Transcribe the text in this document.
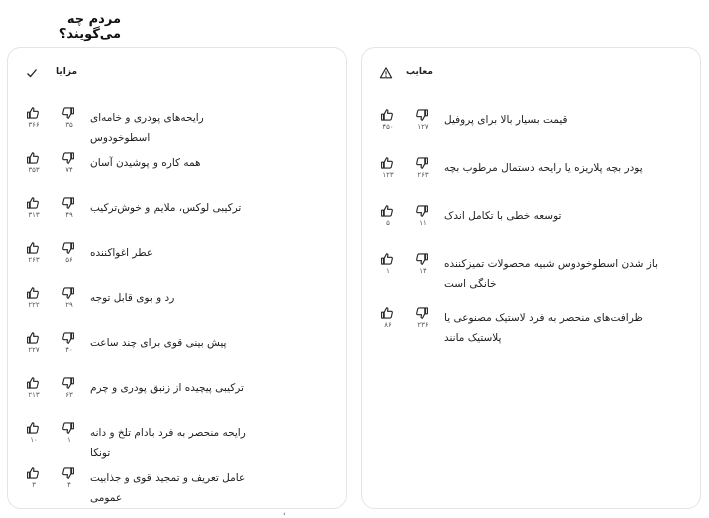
مردم چه می‌گویند؟
مزایا
۳۶۶	۳۵
رایحه‌های پودری و خامه‌ای اسطوخودوس
۳۵۳	۷۴
همه کاره و پوشیدن آسان
۳۱۳	۴۹
ترکیبی لوکس، ملایم و خوش‌ترکیب
۲۶۳	۵۶
عطر اغواکننده
۲۲۲	۲۹
رد و بوی قابل توجه
۲۲۷	۴۰
پیش بینی قوی برای چند ساعت
۲۱۳	۶۳
ترکیبی پیچیده از زنبق پودری و چرم
۱۰	۱
رایحه منحصر به فرد بادام تلخ و دانه تونکا
۳	۴
عامل تعریف و تمجید قوی و جذابیت عمومی
معایب
۴۵۰	۱۲۷
قیمت بسیار بالا برای پروفیل
۱۲۳	۲۶۳
پودر بچه پلاریزه یا رایحه دستمال مرطوب بچه
۵	۱۱
توسعه خطی با تکامل اندک
۱	۱۴
باز شدن اسطوخودوس شبیه محصولات تمیزکننده خانگی است
۸۶	۲۳۶
ظرافت‌های منحصر به فرد لاستیک مصنوعی یا پلاستیک مانند
‹
